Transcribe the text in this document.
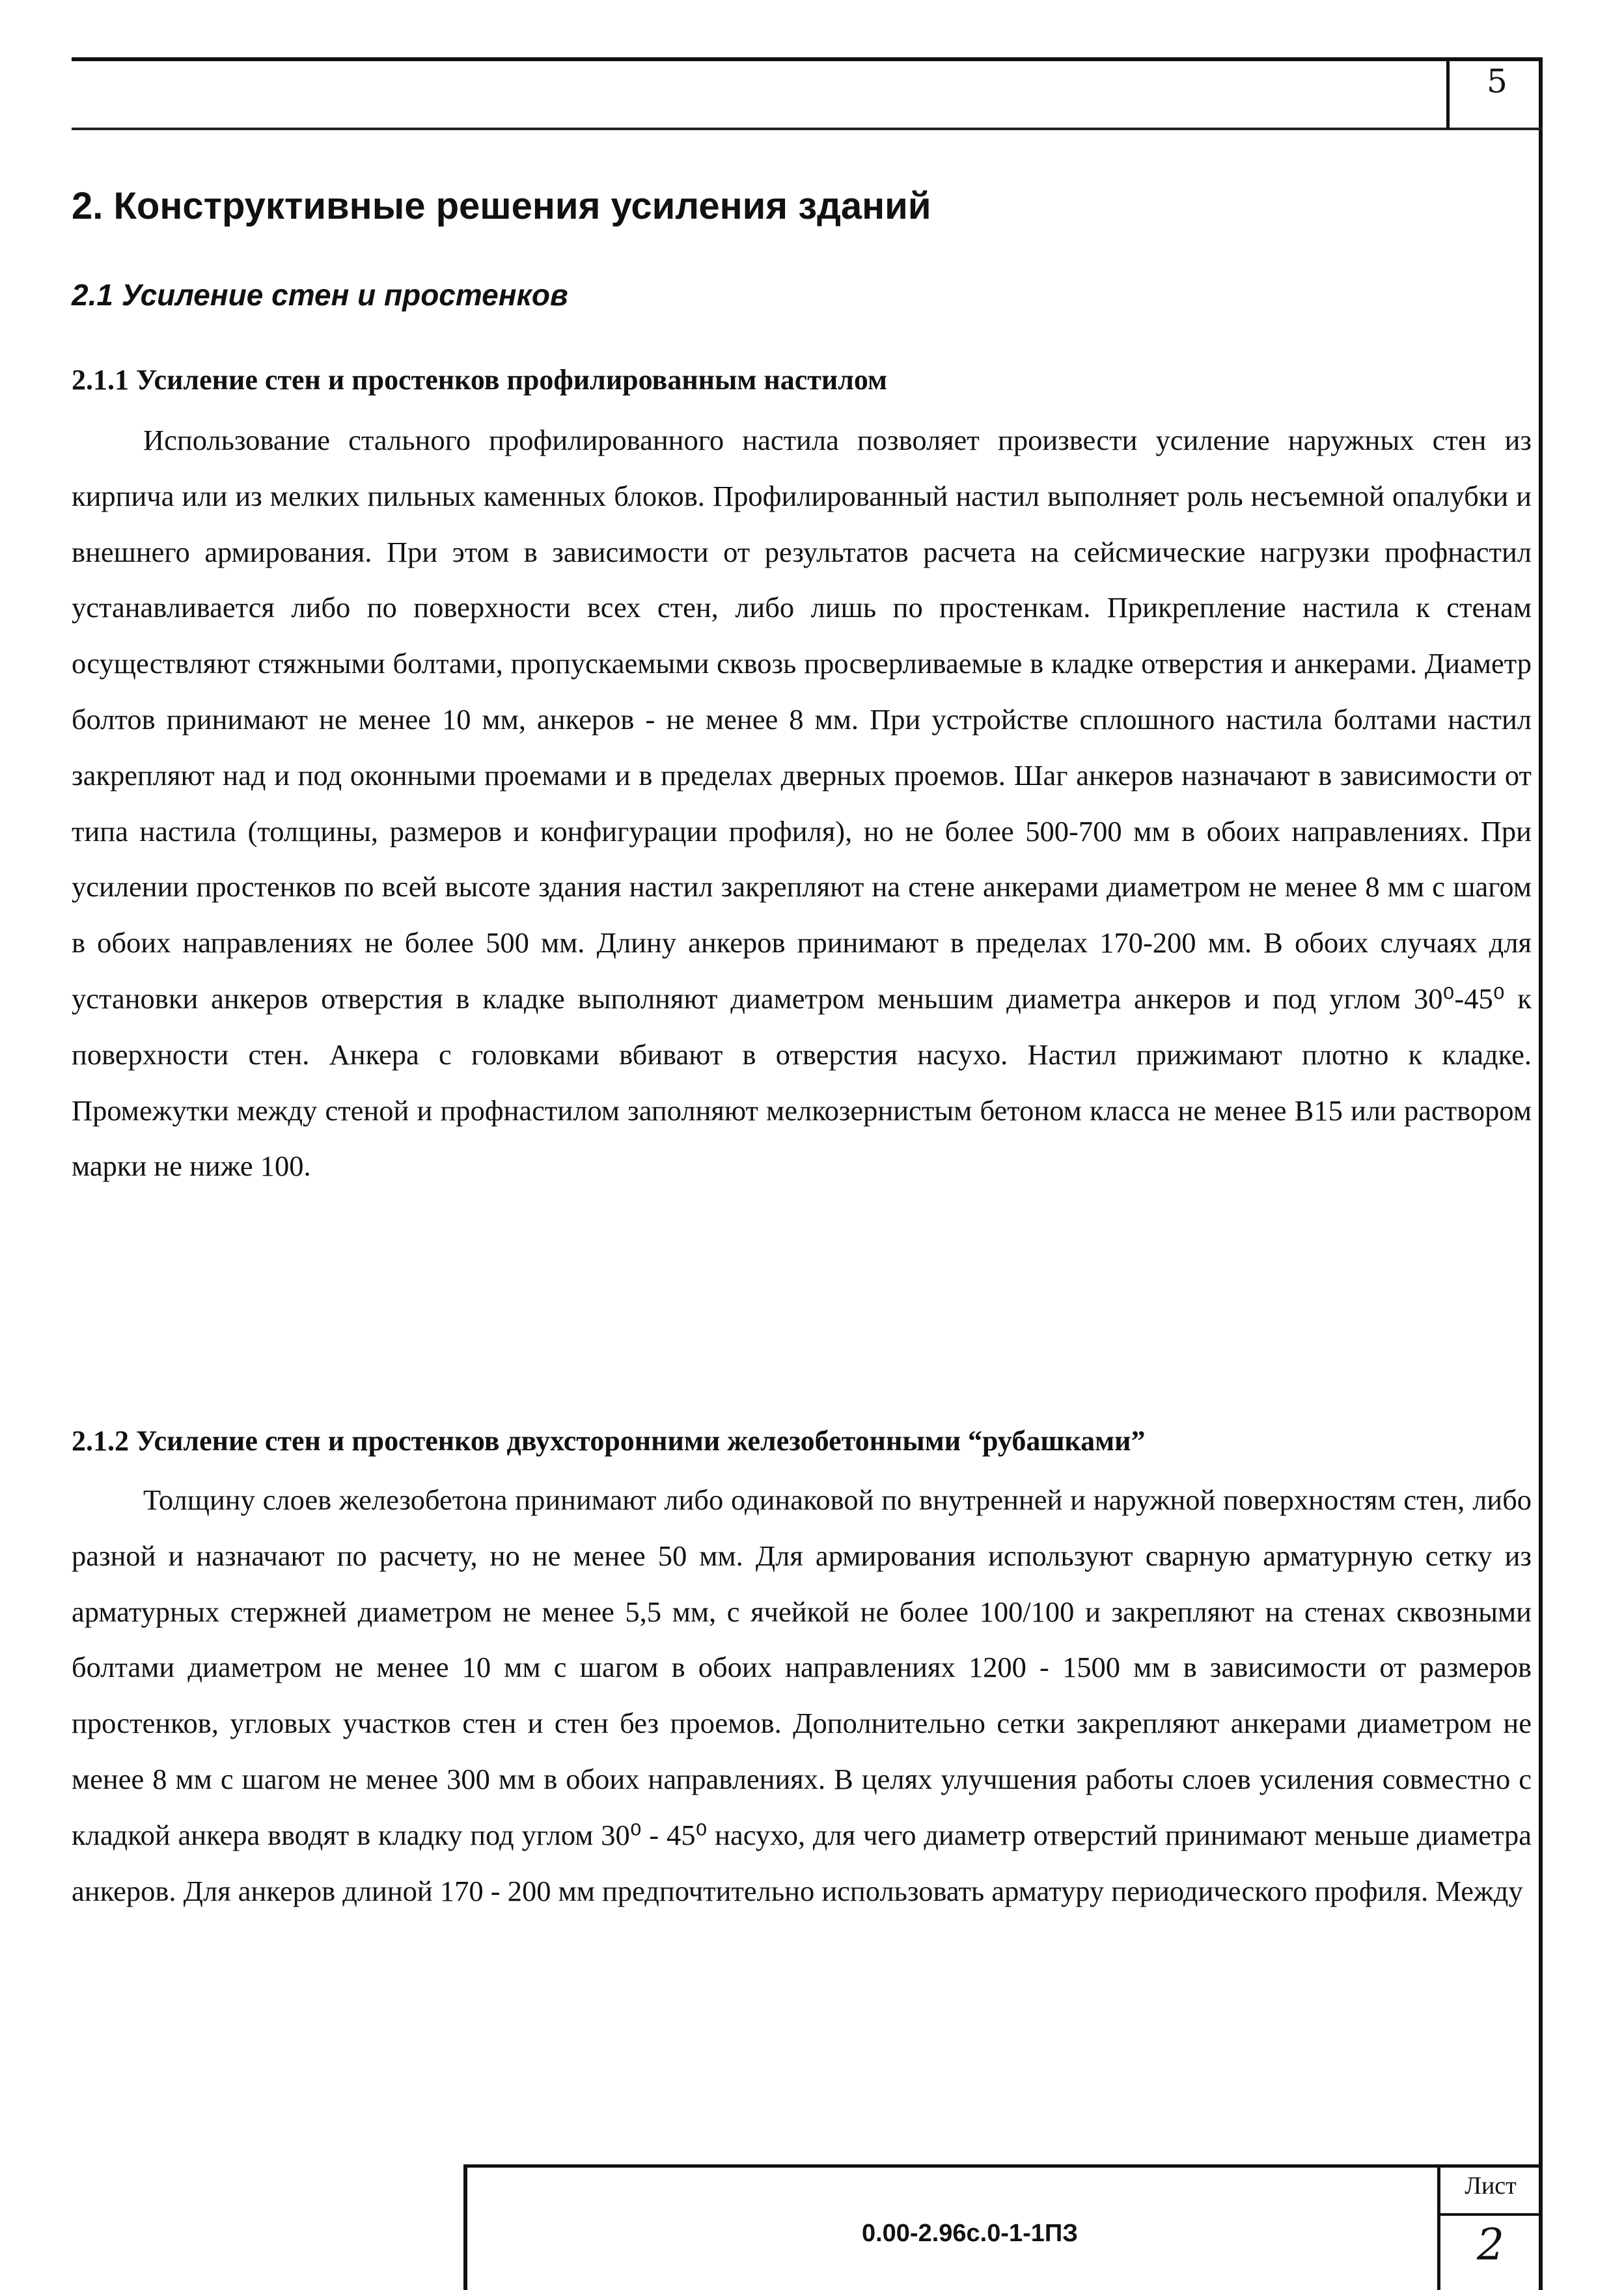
5
2. Конструктивные решения усиления зданий
2.1 Усиление стен и простенков
2.1.1 Усиление стен и простенков профилированным настилом

Использование стального профилированного настила позволяет произвести усиление наружных стен из кирпича или из мелких пильных каменных блоков. Профилированный настил выполняет роль несъемной опалубки и внешнего армирования. При этом в зависимости от результатов расчета на сейсмические нагрузки профнастил устанавливается либо по поверхности всех стен, либо лишь по простенкам. Прикрепление настила к стенам осуществляют стяжными болтами, пропускаемыми сквозь просверливаемые в кладке отверстия и анкерами. Диаметр болтов принимают не менее 10 мм, анкеров - не менее 8 мм. При устройстве сплошного настила болтами настил закрепляют над и под оконными проемами и в пределах дверных проемов. Шаг анкеров назначают в зависимости от типа настила (толщины, размеров и конфигурации профиля), но не более 500-700 мм в обоих направлениях. При усилении простенков по всей высоте здания настил закрепляют на стене анкерами диаметром не менее 8 мм с шагом в обоих направлениях не более 500 мм. Длину анкеров принимают в пределах 170-200 мм. В обоих случаях для установки анкеров отверстия в кладке выполняют диаметром меньшим диаметра анкеров и под углом 30⁰-45⁰ к поверхности стен. Анкера с головками вбивают в отверстия насухо. Настил прижимают плотно к кладке. Промежутки между стеной и профнастилом заполняют мелкозернистым бетоном класса не менее В15 или раствором марки не ниже 100.

2.1.2 Усиление стен и простенков двухсторонними железобетонными “рубашками”

Толщину слоев железобетона принимают либо одинаковой по внутренней и наружной поверхностям стен, либо разной и назначают по расчету, но не менее 50 мм. Для армирования используют сварную арматурную сетку из арматурных стержней диаметром не менее 5,5 мм, с ячейкой не более 100/100 и закрепляют на стенах сквозными болтами диаметром не менее 10 мм с шагом в обоих направлениях 1200 - 1500 мм в зависимости от размеров простенков, угловых участков стен и стен без проемов. Дополнительно сетки закрепляют анкерами диаметром не менее 8 мм с шагом не менее 300 мм в обоих направлениях. В целях улучшения работы слоев усиления совместно с кладкой анкера вводят в кладку под углом 30⁰ - 45⁰ насухо, для чего диаметр отверстий принимают меньше диаметра анкеров. Для анкеров длиной 170 - 200 мм предпочтительно использовать арматуру периодического профиля. Между

Лист
2
0.00-2.96с.0-1-1ПЗ
